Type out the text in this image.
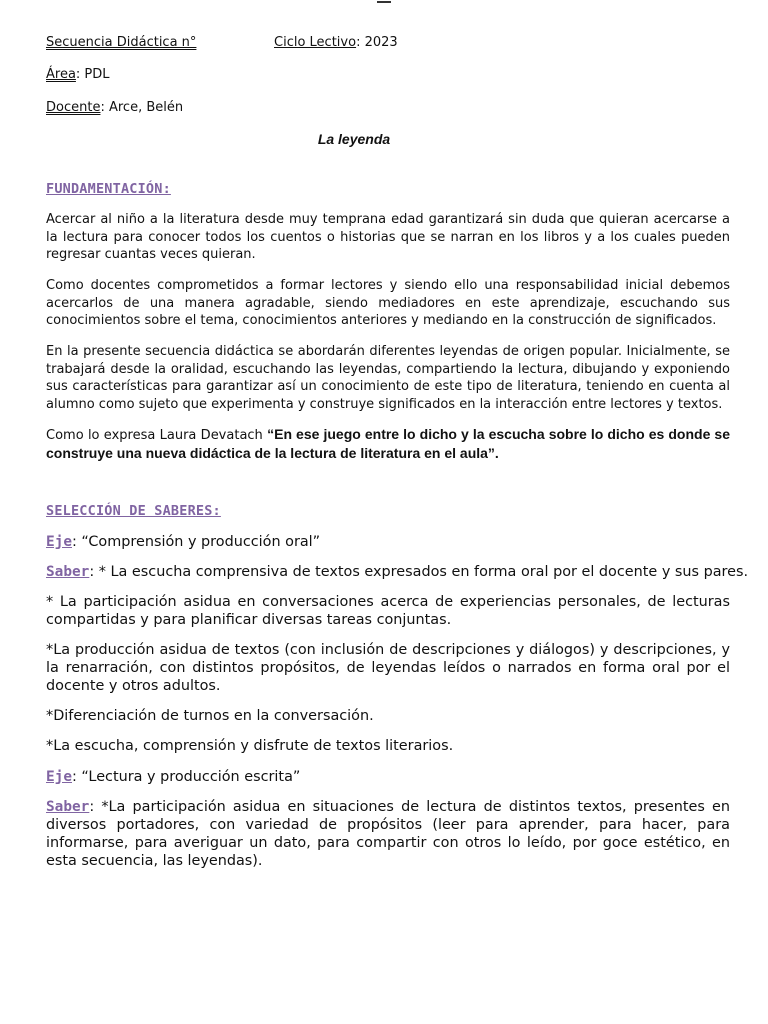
Secuencia Didáctica n°	Ciclo Lectivo: 2023
Área: PDL
Docente: Arce, Belén
La leyenda
FUNDAMENTACIÓN:
Acercar al niño a la literatura desde muy temprana edad garantizará sin duda que quieran acercarse a la lectura para conocer todos los cuentos o historias que se narran en los libros y a los cuales pueden regresar cuantas veces quieran.
Como docentes comprometidos a formar lectores y siendo ello una responsabilidad inicial debemos acercarlos de una manera agradable, siendo mediadores en este aprendizaje, escuchando sus conocimientos sobre el tema, conocimientos anteriores y mediando en la construcción de significados.
En la presente secuencia didáctica se abordarán diferentes leyendas de origen popular. Inicialmente, se trabajará desde la oralidad, escuchando las leyendas, compartiendo la lectura, dibujando y exponiendo sus características para garantizar así un conocimiento de este tipo de literatura, teniendo en cuenta al alumno como sujeto que experimenta y construye significados en la interacción entre lectores y textos.
Como lo expresa Laura Devatach “En ese juego entre lo dicho y la escucha sobre lo dicho es donde se construye una nueva didáctica de la lectura de literatura en el aula”.
SELECCIÓN DE SABERES:
Eje: “Comprensión y producción oral”
Saber: * La escucha comprensiva de textos expresados en forma oral por el docente y sus pares.
* La participación asidua en conversaciones acerca de experiencias personales, de lecturas compartidas y para planificar diversas tareas conjuntas.
*La producción asidua de textos (con inclusión de descripciones y diálogos) y descripciones, y la renarración, con distintos propósitos, de leyendas leídos o narrados en forma oral por el docente y otros adultos.
*Diferenciación de turnos en la conversación.
*La escucha, comprensión y disfrute de textos literarios.
Eje: “Lectura y producción escrita”
Saber: *La participación asidua en situaciones de lectura de distintos textos, presentes en diversos portadores, con variedad de propósitos (leer para aprender, para hacer, para informarse, para averiguar un dato, para compartir con otros lo leído, por goce estético, en esta secuencia, las leyendas).
